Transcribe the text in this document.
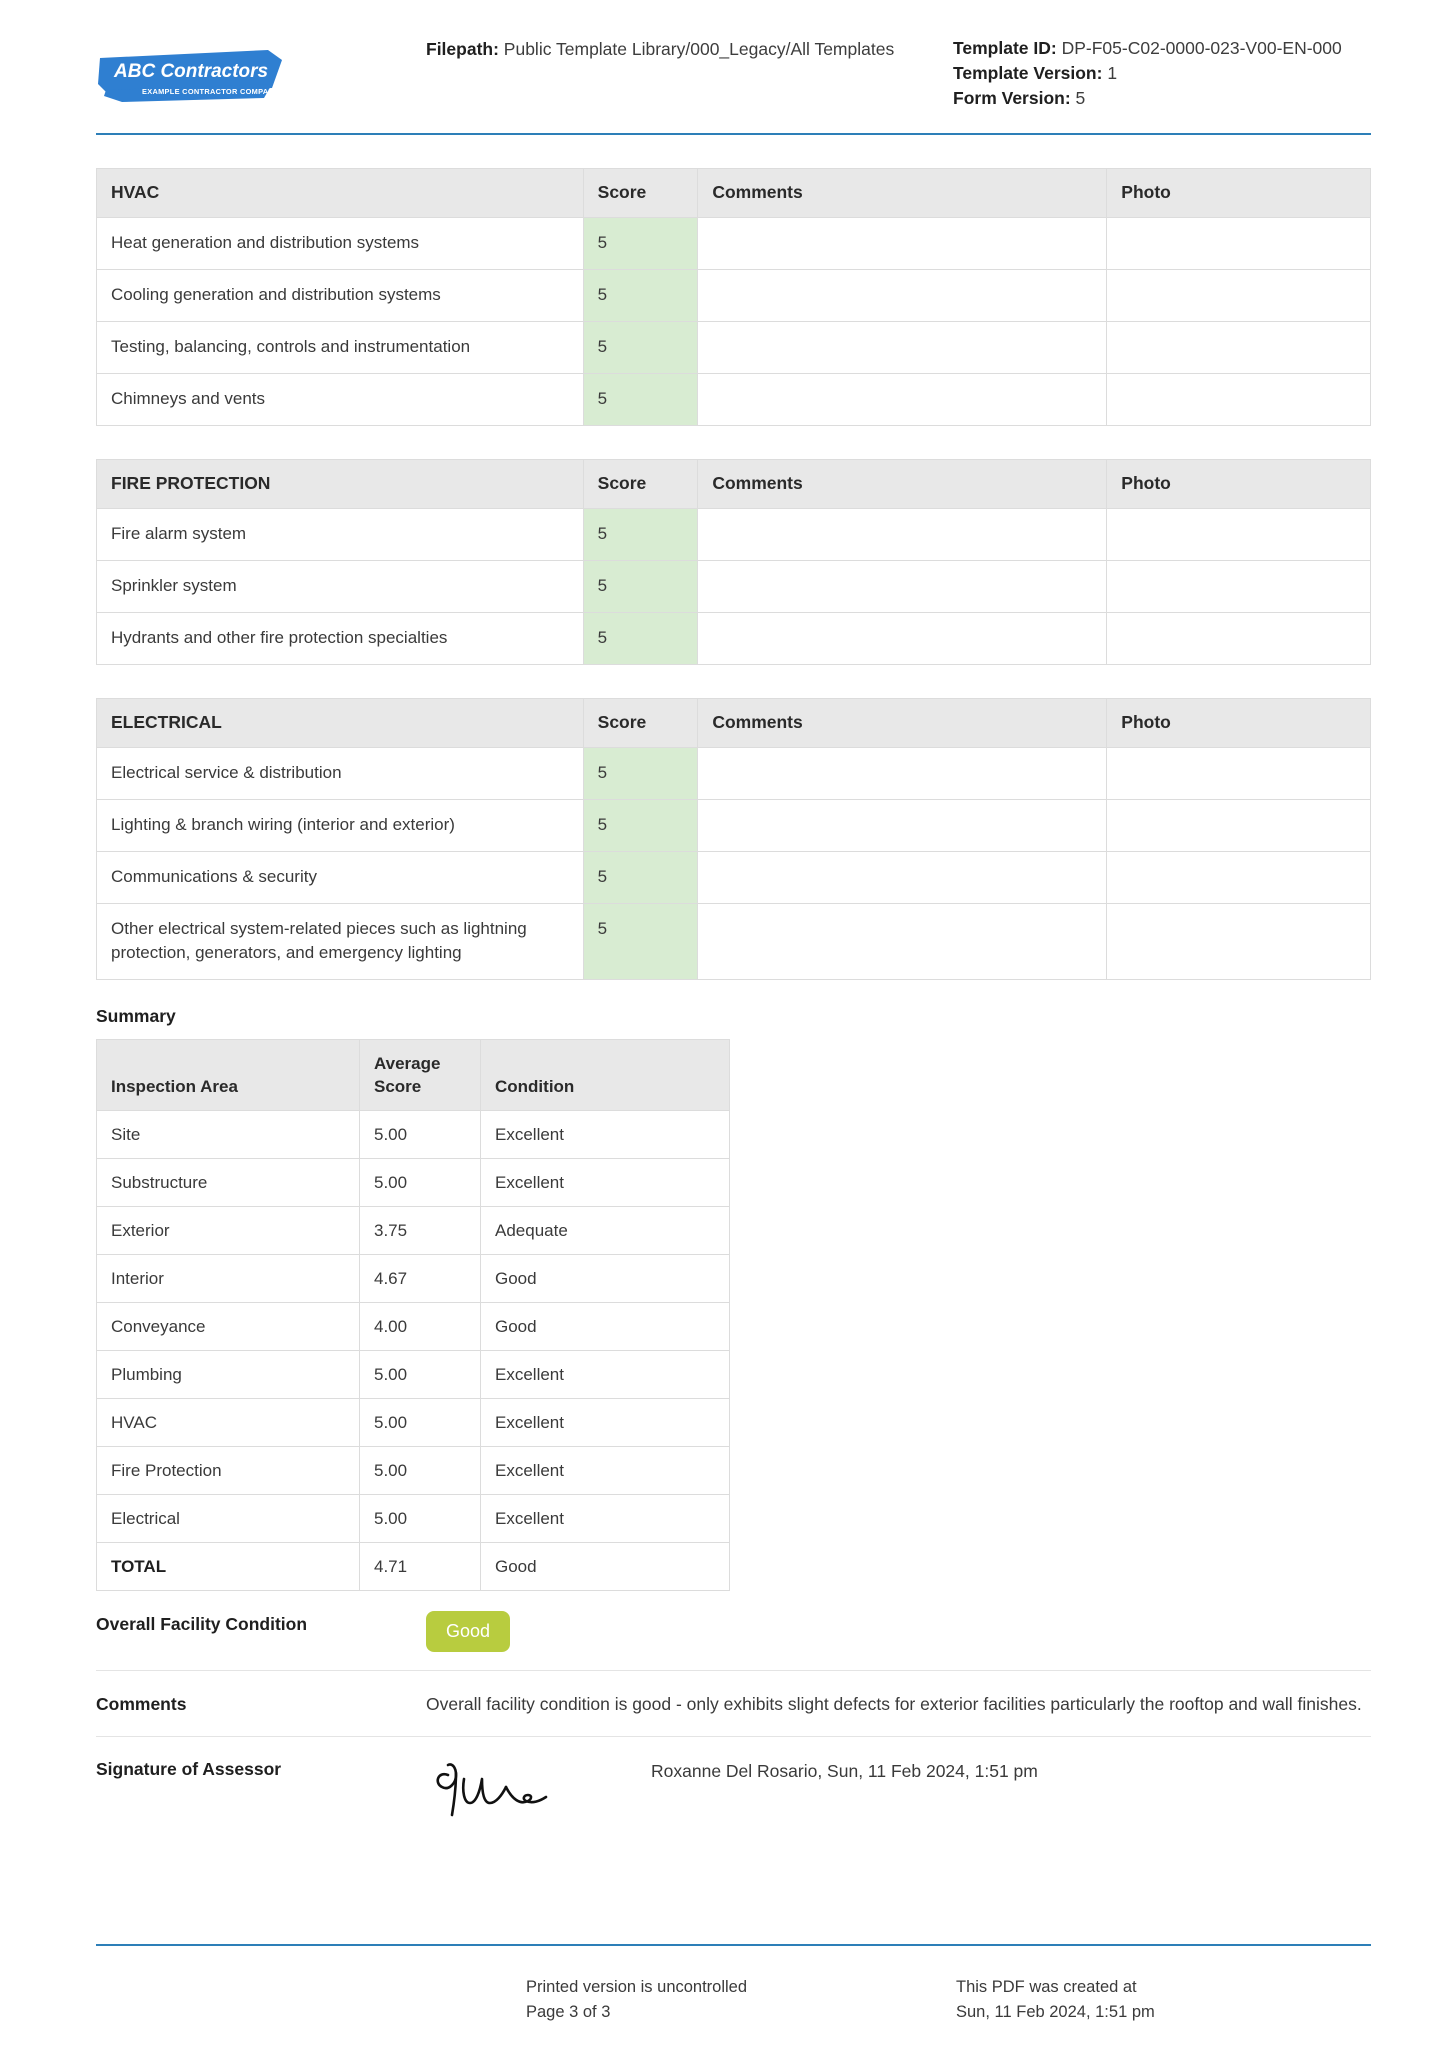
ABC Contractors
EXAMPLE CONTRACTOR COMPANY
Filepath: Public Template Library/000_Legacy/All Templates	Template ID: DP-F05-C02-0000-023-V00-EN-000
Template Version: 1
Form Version: 5
HVAC	Score	Comments	Photo
Heat generation and distribution systems	5		
Cooling generation and distribution systems	5		
Testing, balancing, controls and instrumentation	5		
Chimneys and vents	5		
FIRE PROTECTION	Score	Comments	Photo
Fire alarm system	5		
Sprinkler system	5		
Hydrants and other fire protection specialties	5		
ELECTRICAL	Score	Comments	Photo
Electrical service & distribution	5		
Lighting & branch wiring (interior and exterior)	5		
Communications & security	5		
Other electrical system-related pieces such as lightning protection, generators, and emergency lighting	5		
Summary
Inspection Area	Average Score	Condition
Site	5.00	Excellent
Substructure	5.00	Excellent
Exterior	3.75	Adequate
Interior	4.67	Good
Conveyance	4.00	Good
Plumbing	5.00	Excellent
HVAC	5.00	Excellent
Fire Protection	5.00	Excellent
Electrical	5.00	Excellent
TOTAL	4.71	Good
Overall Facility Condition	Good
Comments	Overall facility condition is good - only exhibits slight defects for exterior facilities particularly the rooftop and wall finishes.
Signature of Assessor	Roxanne Del Rosario, Sun, 11 Feb 2024, 1:51 pm
Printed version is uncontrolled
Page 3 of 3
This PDF was created at
Sun, 11 Feb 2024, 1:51 pm
